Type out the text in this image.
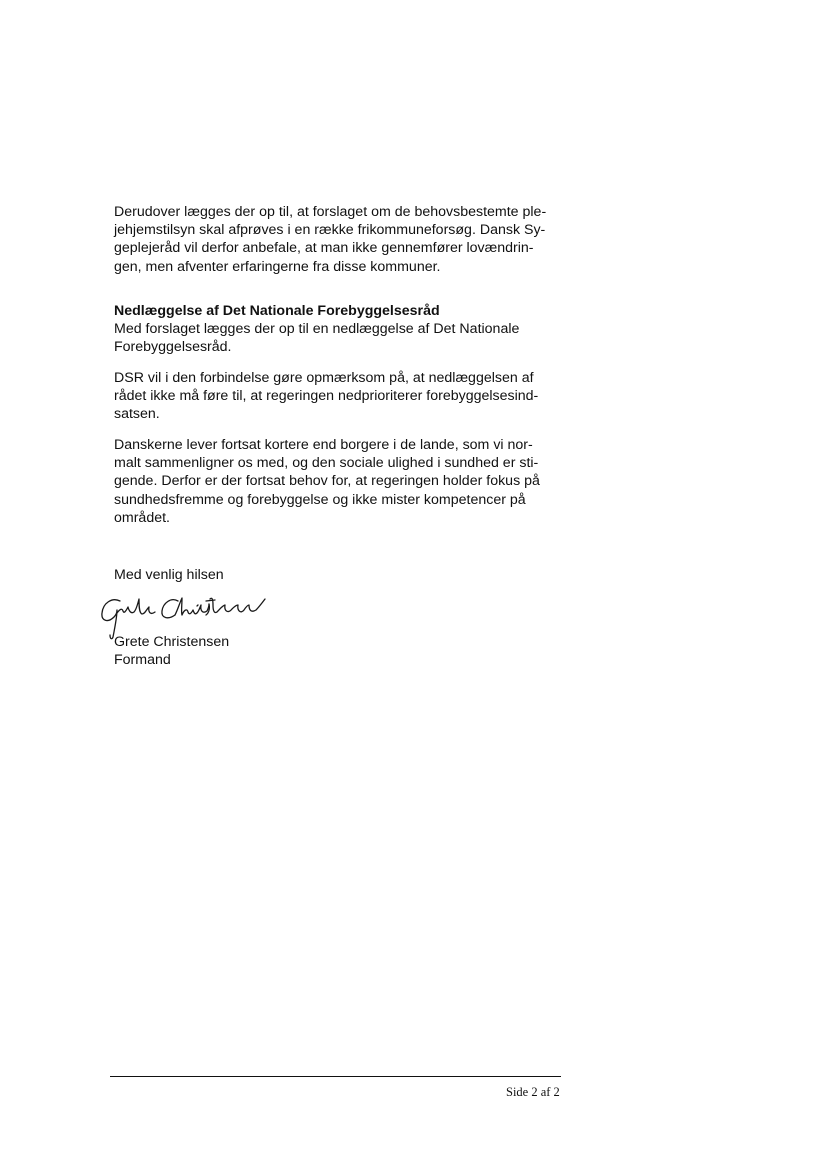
Derudover lægges der op til, at forslaget om de behovsbestemte ple-
jehjemstilsyn skal afprøves i en række frikommuneforsøg. Dansk Sy-
geplejeråd vil derfor anbefale, at man ikke gennemfører lovændrin-
gen, men afventer erfaringerne fra disse kommuner.
Nedlæggelse af Det Nationale Forebyggelsesråd
Med forslaget lægges der op til en nedlæggelse af Det Nationale
Forebyggelsesråd.
DSR vil i den forbindelse gøre opmærksom på, at nedlæggelsen af
rådet ikke må føre til, at regeringen nedprioriterer forebyggelsesind-
satsen.
Danskerne lever fortsat kortere end borgere i de lande, som vi nor-
malt sammenligner os med, og den sociale ulighed i sundhed er sti-
gende. Derfor er der fortsat behov for, at regeringen holder fokus på
sundhedsfremme og forebyggelse og ikke mister kompetencer på
området.
Med venlig hilsen
Grete Christensen
Formand
Side 2 af 2
